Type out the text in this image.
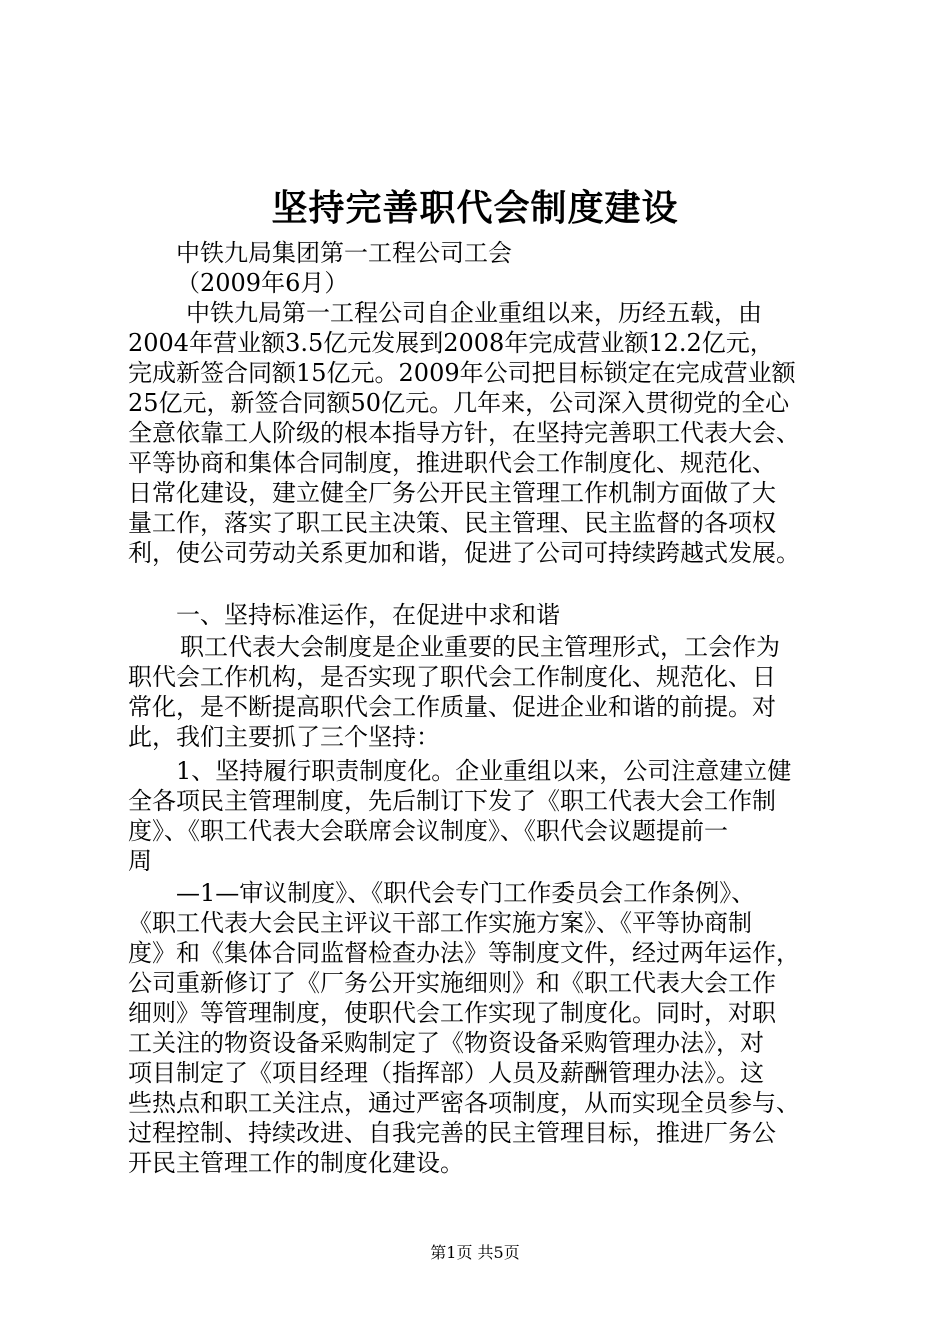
坚持完善职代会制度建设
中铁九局集团第一工程公司工会
（2009年6月）
中铁九局第一工程公司自企业重组以来，历经五载，由
2004年营业额3.5亿元发展到2008年完成营业额12.2亿元，
完成新签合同额15亿元。2009年公司把目标锁定在完成营业额
25亿元，新签合同额50亿元。几年来，公司深入贯彻党的全心
全意依靠工人阶级的根本指导方针，在坚持完善职工代表大会、
平等协商和集体合同制度，推进职代会工作制度化、规范化、
日常化建设，建立健全厂务公开民主管理工作机制方面做了大
量工作，落实了职工民主决策、民主管理、民主监督的各项权
利，使公司劳动关系更加和谐，促进了公司可持续跨越式发展。
一、坚持标准运作，在促进中求和谐
职工代表大会制度是企业重要的民主管理形式，工会作为
职代会工作机构，是否实现了职代会工作制度化、规范化、日
常化，是不断提高职代会工作质量、促进企业和谐的前提。对
此，我们主要抓了三个坚持：
1、坚持履行职责制度化。企业重组以来，公司注意建立健
全各项民主管理制度，先后制订下发了《职工代表大会工作制
度》、《职工代表大会联席会议制度》、《职代会议题提前一
周
—1—审议制度》、《职代会专门工作委员会工作条例》、
《职工代表大会民主评议干部工作实施方案》、《平等协商制
度》和《集体合同监督检查办法》等制度文件，经过两年运作，
公司重新修订了《厂务公开实施细则》和《职工代表大会工作
细则》等管理制度，使职代会工作实现了制度化。同时，对职
工关注的物资设备采购制定了《物资设备采购管理办法》，对
项目制定了《项目经理（指挥部）人员及薪酬管理办法》。这
些热点和职工关注点，通过严密各项制度，从而实现全员参与、
过程控制、持续改进、自我完善的民主管理目标，推进厂务公
开民主管理工作的制度化建设。
第1页 共5页
